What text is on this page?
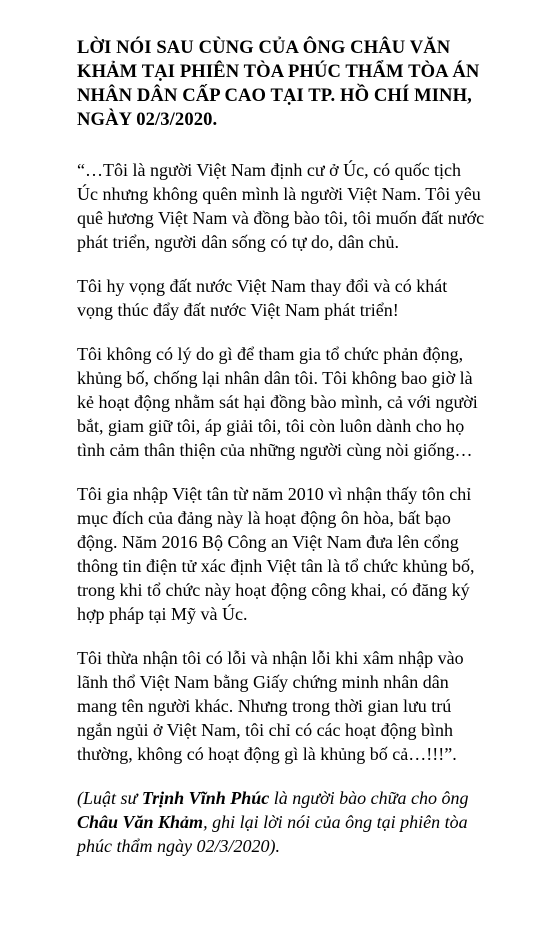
LỜI NÓI SAU CÙNG CỦA ÔNG CHÂU VĂN KHẢM TẠI PHIÊN TÒA PHÚC THẨM TÒA ÁN NHÂN DÂN CẤP CAO TẠI TP. HỒ CHÍ MINH, NGÀY 02/3/2020.

“…Tôi là người Việt Nam định cư ở Úc, có quốc tịch Úc nhưng không quên mình là người Việt Nam. Tôi yêu quê hương Việt Nam và đồng bào tôi, tôi muốn đất nước phát triển, người dân sống có tự do, dân chủ.

Tôi hy vọng đất nước Việt Nam thay đổi và có khát vọng thúc đẩy đất nước Việt Nam phát triển!

Tôi không có lý do gì để tham gia tổ chức phản động, khủng bố, chống lại nhân dân tôi. Tôi không bao giờ là kẻ hoạt động nhằm sát hại đồng bào mình, cả với người bắt, giam giữ tôi, áp giải tôi, tôi còn luôn dành cho họ tình cảm thân thiện của những người cùng nòi giống…

Tôi gia nhập Việt tân từ năm 2010 vì nhận thấy tôn chỉ mục đích của đảng này là hoạt động ôn hòa, bất bạo động. Năm 2016 Bộ Công an Việt Nam đưa lên cổng thông tin điện tử xác định Việt tân là tổ chức khủng bố, trong khi tổ chức này hoạt động công khai, có đăng ký hợp pháp tại Mỹ và Úc.

Tôi thừa nhận tôi có lỗi và nhận lỗi khi xâm nhập vào lãnh thổ Việt Nam bằng Giấy chứng minh nhân dân mang tên người khác. Nhưng trong thời gian lưu trú ngắn ngủi ở Việt Nam, tôi chỉ có các hoạt động bình thường, không có hoạt động gì là khủng bố cả…!!!”.

(Luật sư Trịnh Vĩnh Phúc là người bào chữa cho ông Châu Văn Khảm, ghi lại lời nói của ông tại phiên tòa phúc thẩm ngày 02/3/2020).
